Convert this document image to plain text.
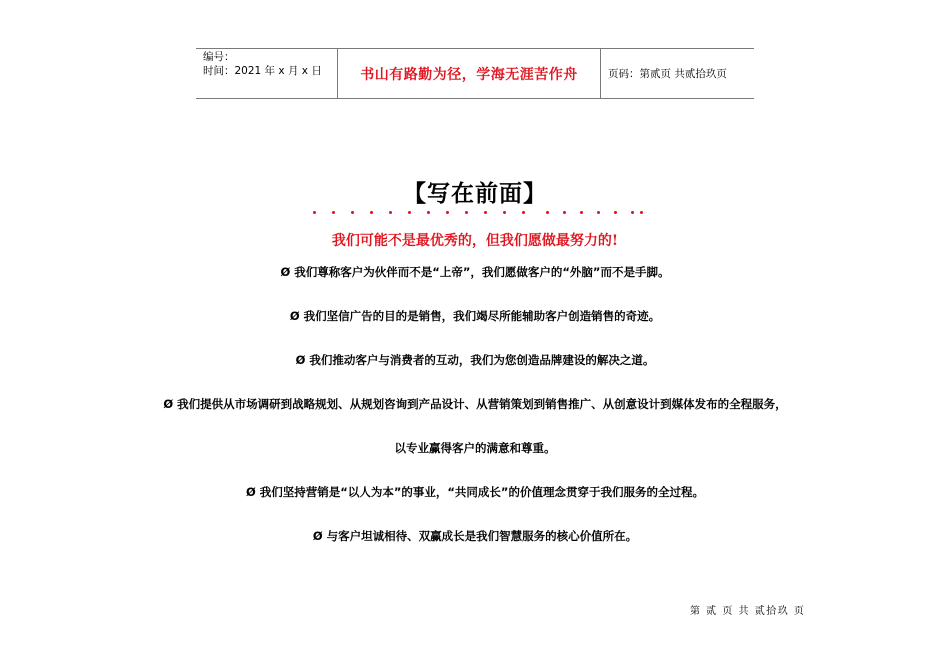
编号：
时间：2021 年 x 月 x 日	书山有路勤为径，学海无涯苦作舟	页码：第贰页 共贰拾玖页
【写在前面】
我们可能不是最优秀的，但我们愿做最努力的!
Ø 我们尊称客户为伙伴而不是“上帝”，我们愿做客户的“外脑”而不是手脚。
Ø 我们坚信广告的目的是销售，我们竭尽所能辅助客户创造销售的奇迹。
Ø 我们推动客户与消费者的互动，我们为您创造品牌建设的解决之道。
Ø 我们提供从市场调研到战略规划、从规划咨询到产品设计、从营销策划到销售推广、从创意设计到媒体发布的全程服务，
以专业赢得客户的满意和尊重。
Ø 我们坚持营销是“以人为本”的事业，“共同成长”的价值理念贯穿于我们服务的全过程。
Ø 与客户坦诚相待、双赢成长是我们智慧服务的核心价值所在。
第 贰 页 共 贰拾玖 页
